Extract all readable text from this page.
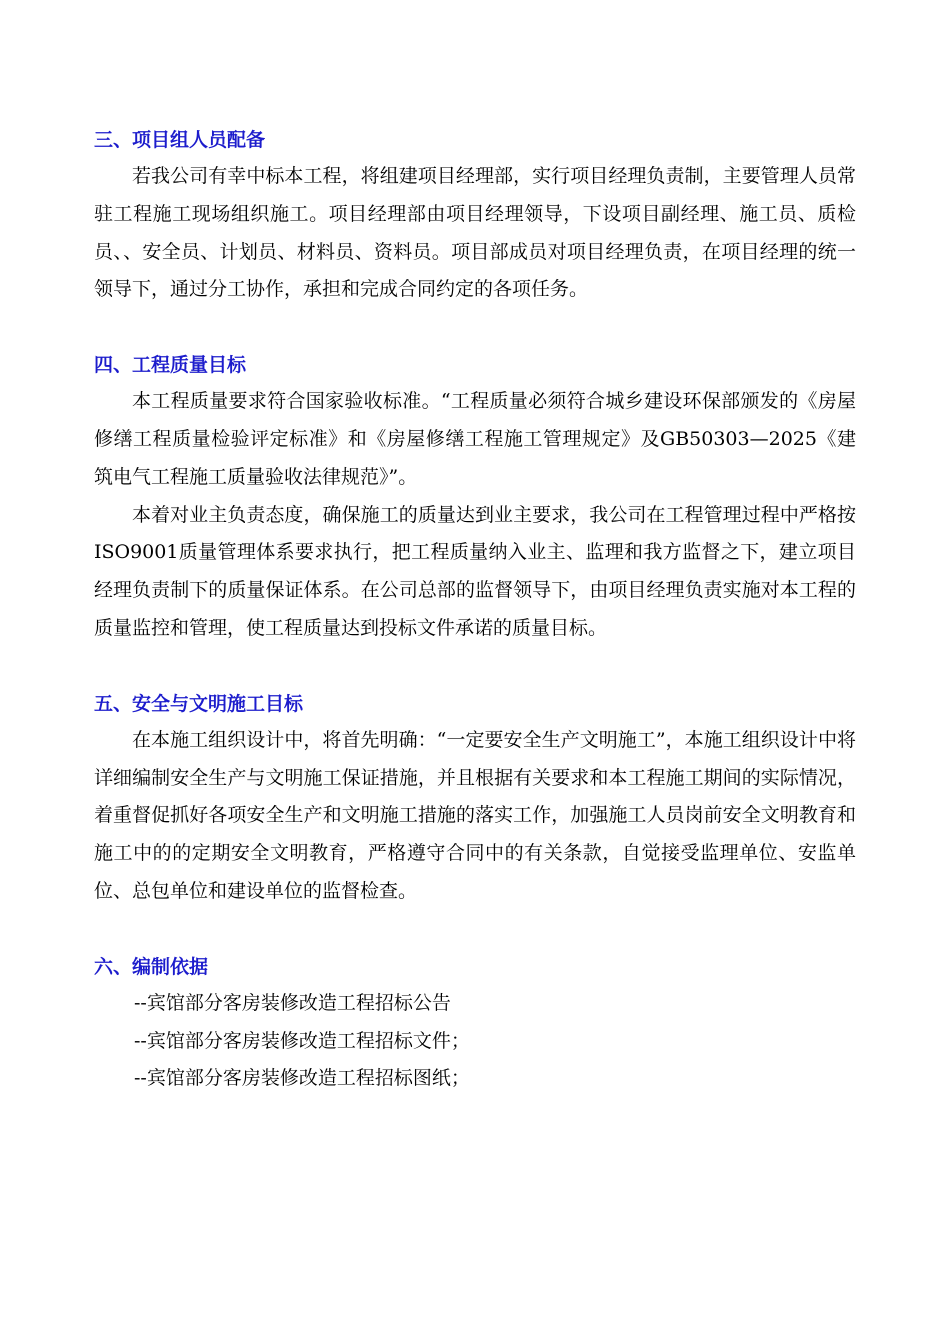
三、项目组人员配备

若我公司有幸中标本工程，将组建项目经理部，实行项目经理负责制，主要管理人员常驻工程施工现场组织施工。项目经理部由项目经理领导，下设项目副经理、施工员、质检员、、安全员、计划员、材料员、资料员。项目部成员对项目经理负责，在项目经理的统一领导下，通过分工协作，承担和完成合同约定的各项任务。

四、工程质量目标

本工程质量要求符合国家验收标准。“工程质量必须符合城乡建设环保部颁发的《房屋修缮工程质量检验评定标准》和《房屋修缮工程施工管理规定》及GB50303—2025《建筑电气工程施工质量验收法律规范》”。

本着对业主负责态度，确保施工的质量达到业主要求，我公司在工程管理过程中严格按ISO9001质量管理体系要求执行，把工程质量纳入业主、监理和我方监督之下，建立项目经理负责制下的质量保证体系。在公司总部的监督领导下，由项目经理负责实施对本工程的质量监控和管理，使工程质量达到投标文件承诺的质量目标。

五、安全与文明施工目标

在本施工组织设计中，将首先明确：“一定要安全生产文明施工”，本施工组织设计中将详细编制安全生产与文明施工保证措施，并且根据有关要求和本工程施工期间的实际情况，着重督促抓好各项安全生产和文明施工措施的落实工作，加强施工人员岗前安全文明教育和施工中的的定期安全文明教育，严格遵守合同中的有关条款，自觉接受监理单位、安监单位、总包单位和建设单位的监督检查。

六、编制依据

--宾馆部分客房装修改造工程招标公告

--宾馆部分客房装修改造工程招标文件；

--宾馆部分客房装修改造工程招标图纸；
